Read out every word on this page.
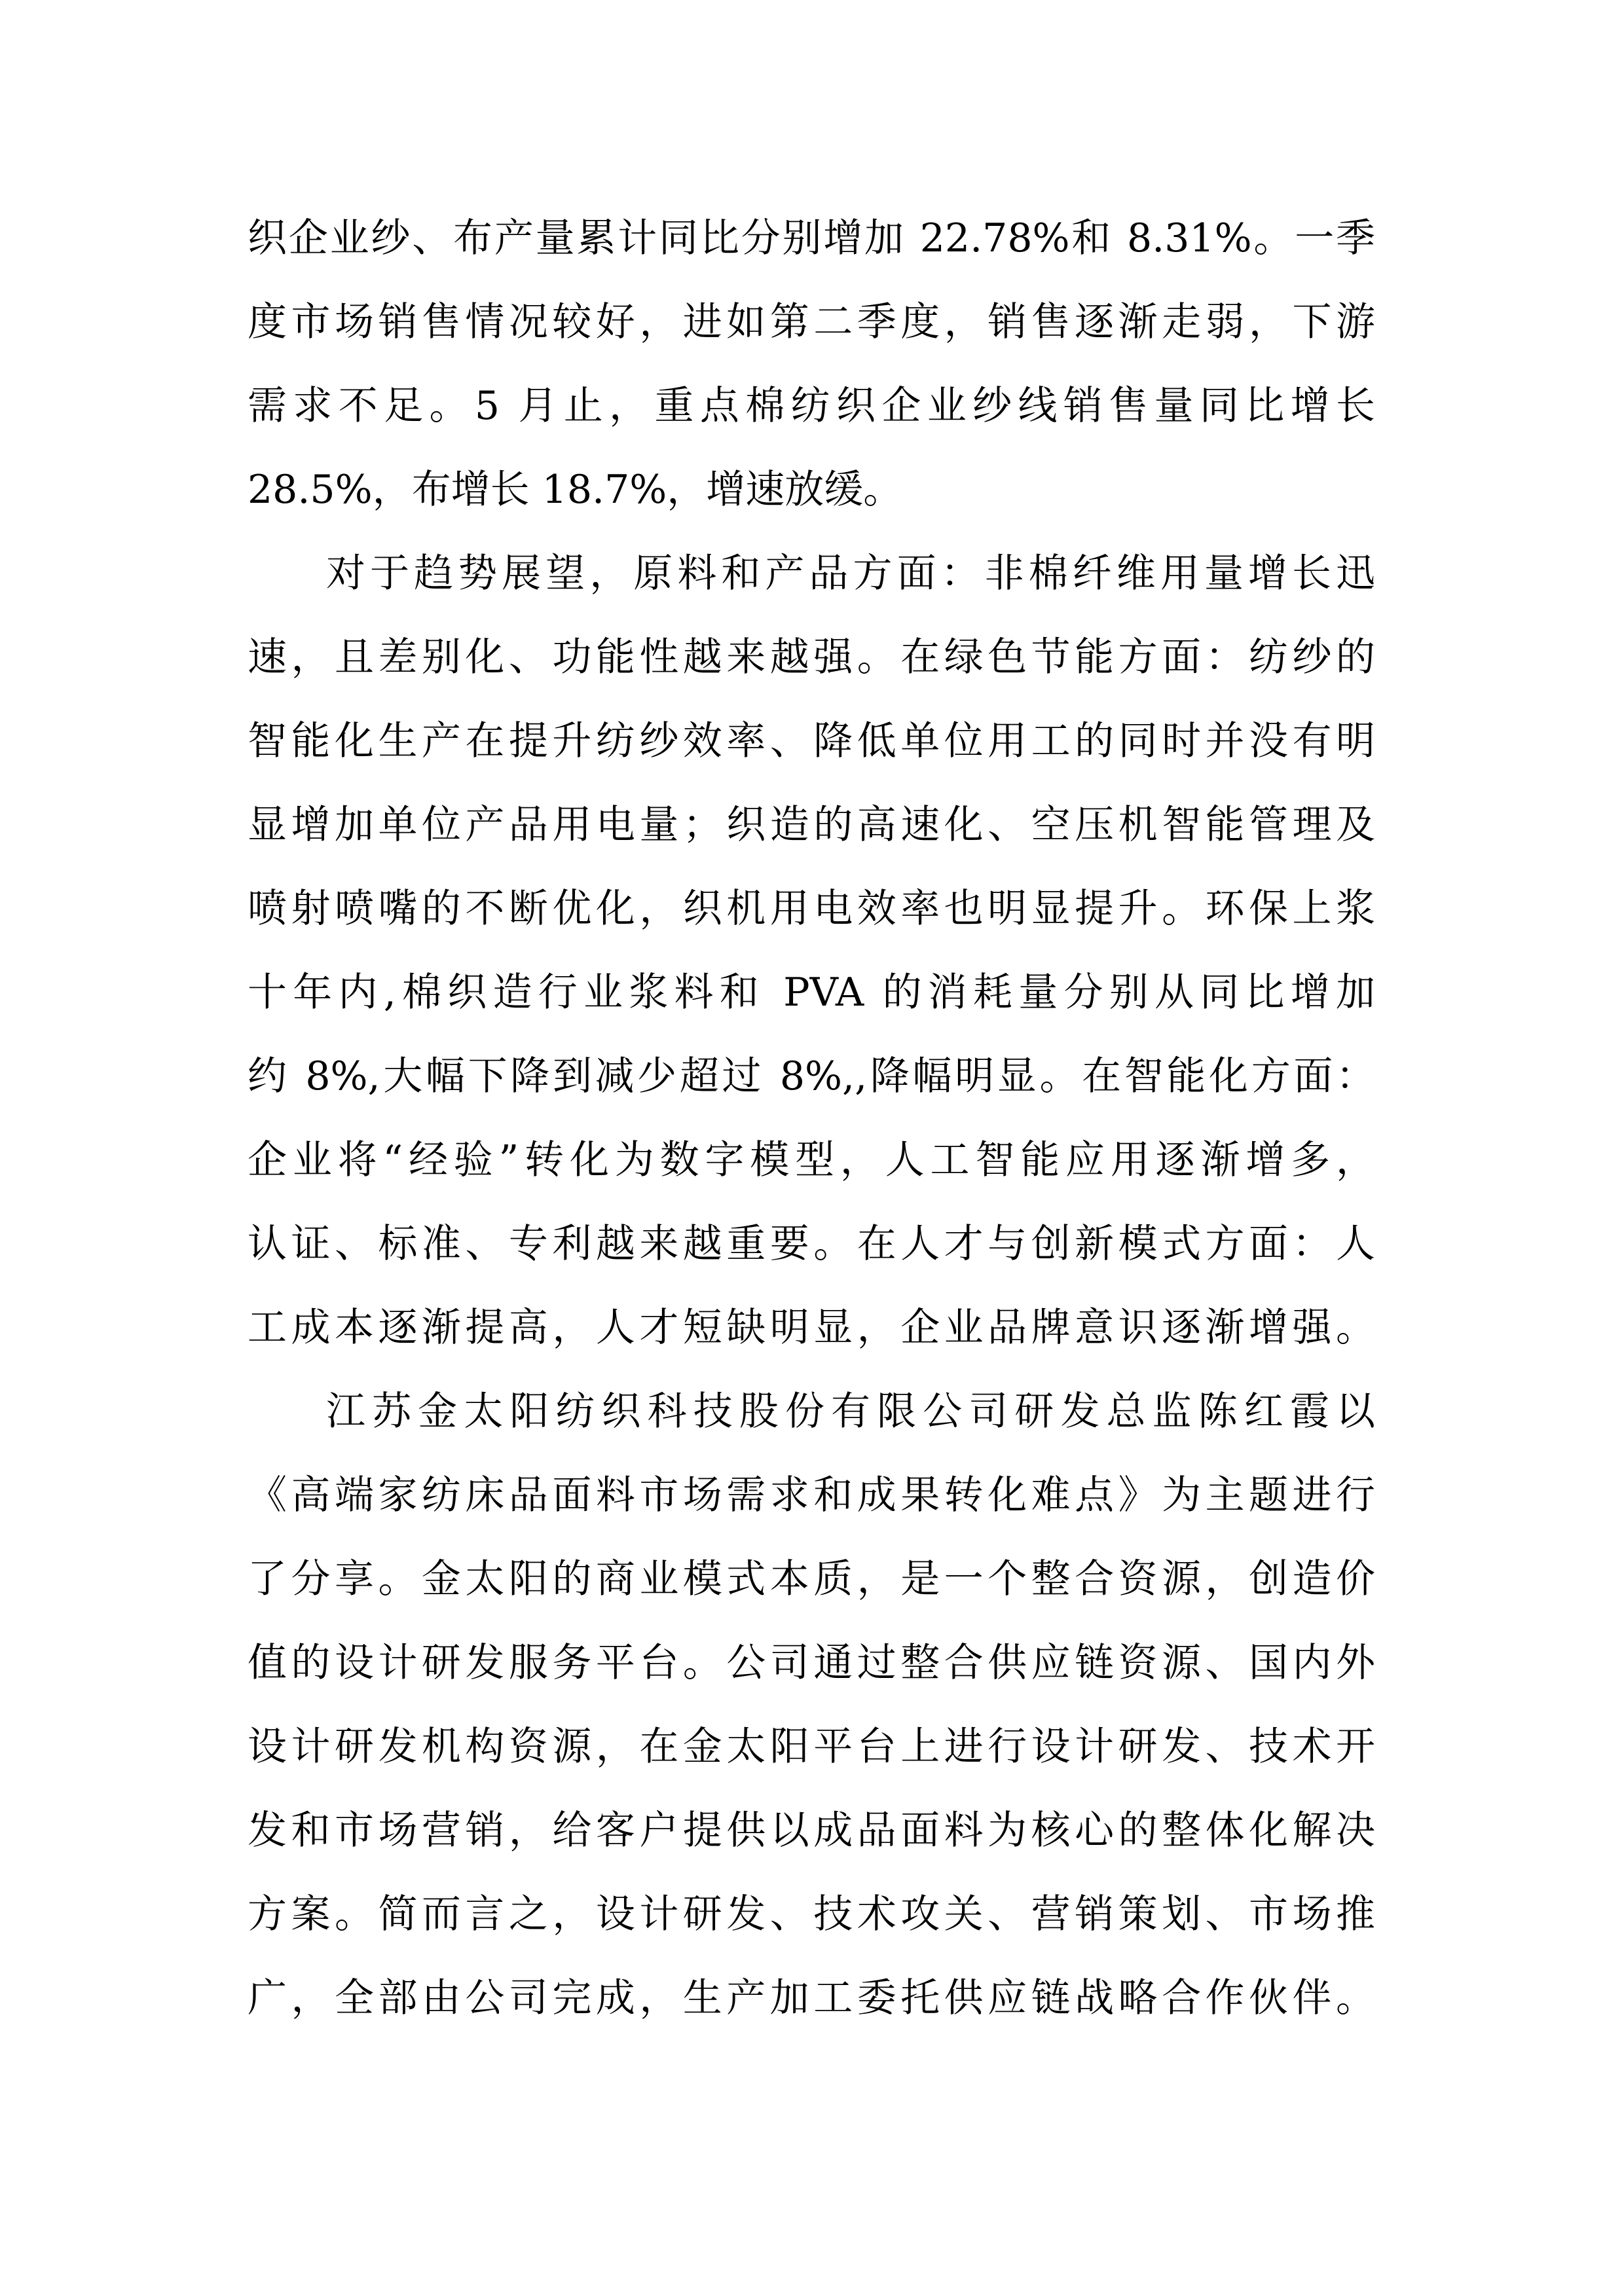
织企业纱、布产量累计同比分别增加 22.78%和 8.31%。一季
度市场销售情况较好，进如第二季度，销售逐渐走弱，下游
需求不足。5 月止，重点棉纺织企业纱线销售量同比增长
28.5%，布增长 18.7%，增速放缓。
对于趋势展望，原料和产品方面：非棉纤维用量增长迅
速，且差别化、功能性越来越强。在绿色节能方面：纺纱的
智能化生产在提升纺纱效率、降低单位用工的同时并没有明
显增加单位产品用电量；织造的高速化、空压机智能管理及
喷射喷嘴的不断优化，织机用电效率也明显提升。环保上浆
十年内,棉织造行业浆料和 PVA 的消耗量分别从同比增加
约 8%,大幅下降到减少超过 8%,,降幅明显。在智能化方面：
企业将“经验”转化为数字模型，人工智能应用逐渐增多，
认证、标准、专利越来越重要。在人才与创新模式方面：人
工成本逐渐提高，人才短缺明显，企业品牌意识逐渐增强。
江苏金太阳纺织科技股份有限公司研发总监陈红霞以
《高端家纺床品面料市场需求和成果转化难点》为主题进行
了分享。金太阳的商业模式本质，是一个整合资源，创造价
值的设计研发服务平台。公司通过整合供应链资源、国内外
设计研发机构资源，在金太阳平台上进行设计研发、技术开
发和市场营销，给客户提供以成品面料为核心的整体化解决
方案。简而言之，设计研发、技术攻关、营销策划、市场推
广，全部由公司完成，生产加工委托供应链战略合作伙伴。
